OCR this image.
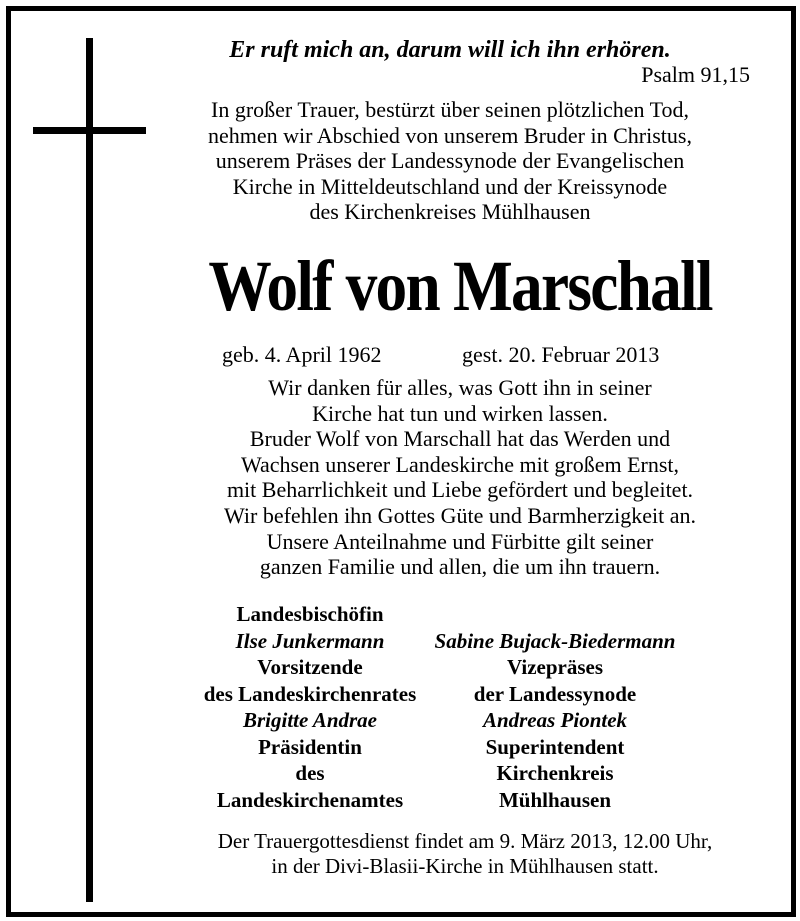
Er ruft mich an, darum will ich ihn erhören.
Psalm 91,15
In großer Trauer, bestürzt über seinen plötzlichen Tod,
nehmen wir Abschied von unserem Bruder in Christus,
unserem Präses der Landessynode der Evangelischen
Kirche in Mitteldeutschland und der Kreissynode
des Kirchenkreises Mühlhausen
Wolf von Marschall
geb. 4. April 1962	gest. 20. Februar 2013
Wir danken für alles, was Gott ihn in seiner
Kirche hat tun und wirken lassen.
Bruder Wolf von Marschall hat das Werden und
Wachsen unserer Landeskirche mit großem Ernst,
mit Beharrlichkeit und Liebe gefördert und begleitet.
Wir befehlen ihn Gottes Güte und Barmherzigkeit an.
Unsere Anteilnahme und Fürbitte gilt seiner
ganzen Familie und allen, die um ihn trauern.
Landesbischöfin
Ilse Junkermann
Vorsitzende
des Landeskirchenrates
Brigitte Andrae
Präsidentin
des
Landeskirchenamtes
Sabine Bujack-Biedermann
Vizepräses
der Landessynode
Andreas Piontek
Superintendent
Kirchenkreis
Mühlhausen
Der Trauergottesdienst findet am 9. März 2013, 12.00 Uhr,
in der Divi-Blasii-Kirche in Mühlhausen statt.
